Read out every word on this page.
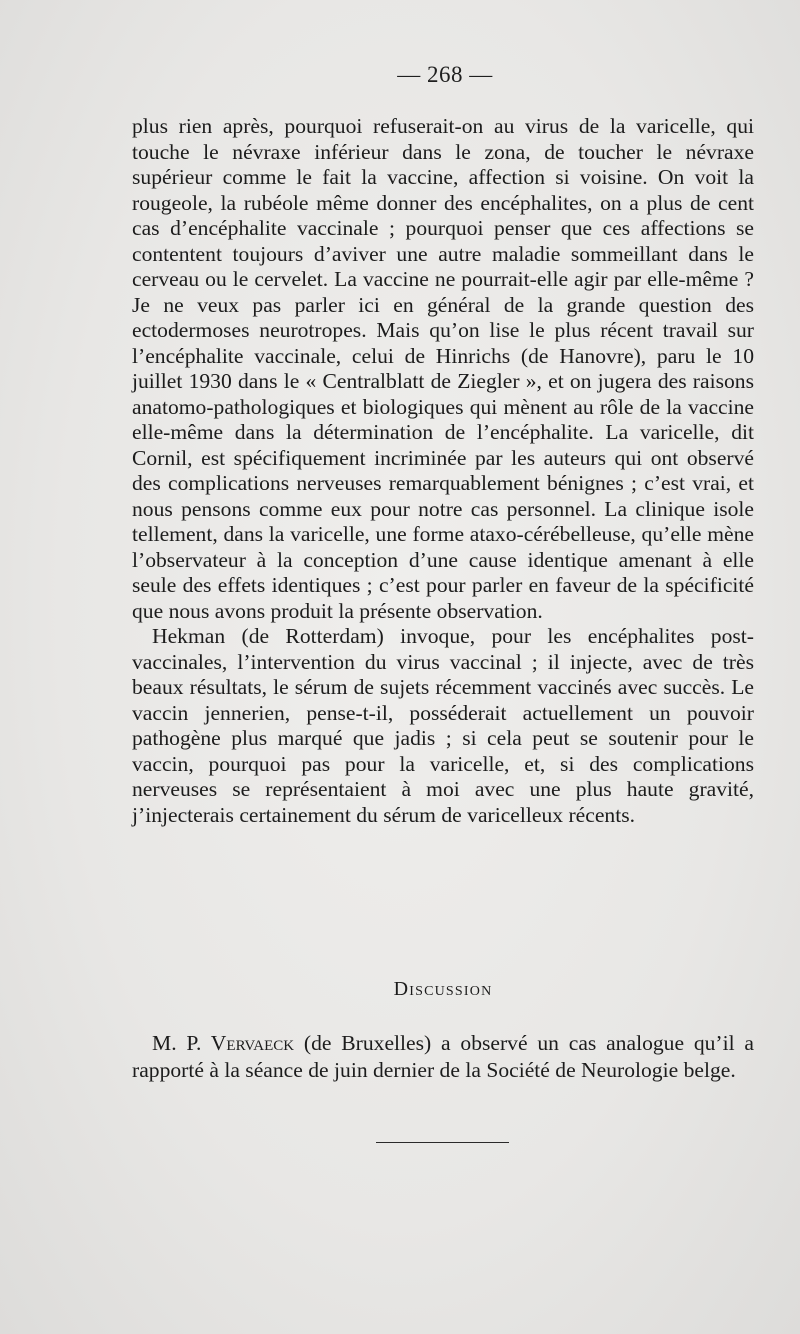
— 268 —

plus rien après, pourquoi refuserait-on au virus de la varicelle, qui touche le névraxe inférieur dans le zona, de toucher le névraxe supérieur comme le fait la vaccine, affection si voisine. On voit la rougeole, la rubéole même donner des encéphalites, on a plus de cent cas d’encéphalite vaccinale ; pourquoi penser que ces affections se contentent toujours d’aviver une autre maladie sommeillant dans le cerveau ou le cervelet. La vaccine ne pourrait-elle agir par elle-même ? Je ne veux pas parler ici en général de la grande question des ectodermoses neurotropes. Mais qu’on lise le plus récent travail sur l’encéphalite vaccinale, celui de Hinrichs (de Hanovre), paru le 10 juillet 1930 dans le « Centralblatt de Ziegler », et on jugera des raisons anatomo-pathologiques et biologiques qui mènent au rôle de la vaccine elle-même dans la détermination de l’encéphalite. La varicelle, dit Cornil, est spécifiquement incriminée par les auteurs qui ont observé des complications nerveuses remarquablement bénignes ; c’est vrai, et nous pensons comme eux pour notre cas personnel. La clinique isole tellement, dans la varicelle, une forme ataxo-cérébelleuse, qu’elle mène l’observateur à la conception d’une cause identique amenant à elle seule des effets identiques ; c’est pour parler en faveur de la spécificité que nous avons produit la présente observation.

Hekman (de Rotterdam) invoque, pour les encéphalites post-vaccinales, l’intervention du virus vaccinal ; il injecte, avec de très beaux résultats, le sérum de sujets récemment vaccinés avec succès. Le vaccin jennerien, pense-t-il, posséderait actuellement un pouvoir pathogène plus marqué que jadis ; si cela peut se soutenir pour le vaccin, pourquoi pas pour la varicelle, et, si des complications nerveuses se représentaient à moi avec une plus haute gravité, j’injecterais certainement du sérum de varicelleux récents.

Discussion

M. P. Vervaeck (de Bruxelles) a observé un cas analogue qu’il a rapporté à la séance de juin dernier de la Société de Neurologie belge.
